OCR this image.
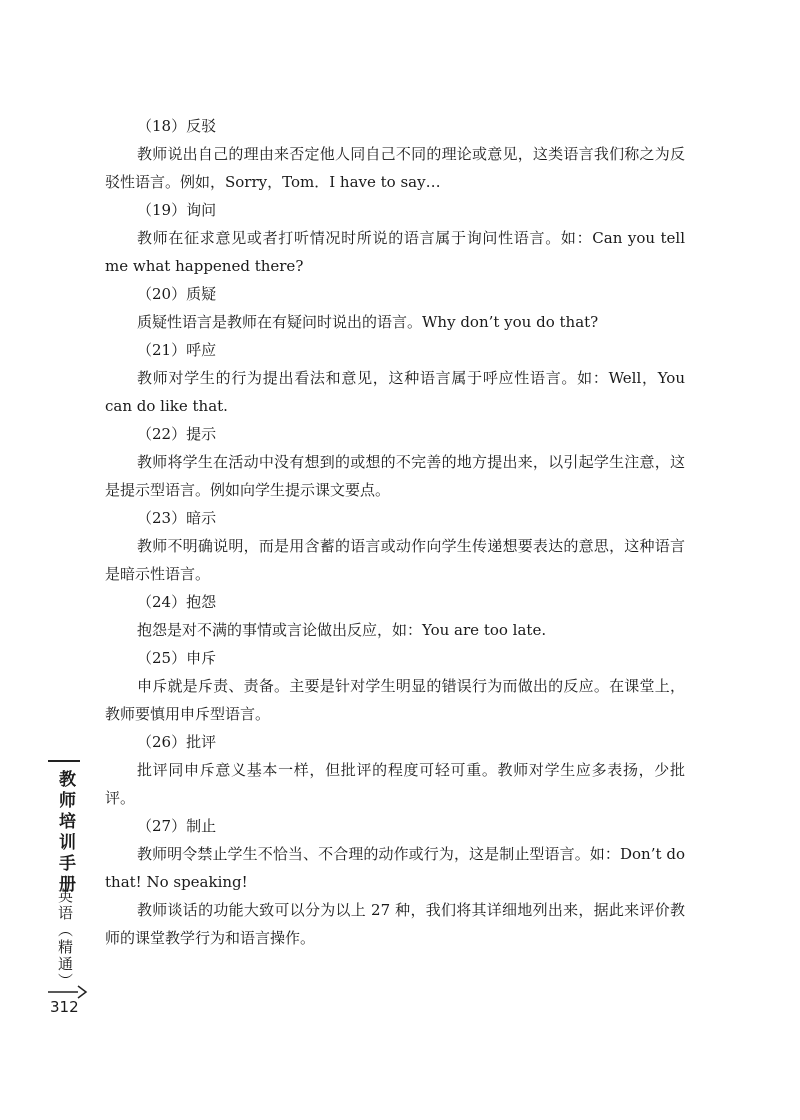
（18）反驳

教师说出自己的理由来否定他人同自己不同的理论或意见，这类语言我们称之为反驳性语言。例如，Sorry，Tom．I have to say…

（19）询问

教师在征求意见或者打听情况时所说的语言属于询问性语言。如：Can you tell me what happened there?

（20）质疑

质疑性语言是教师在有疑问时说出的语言。Why don’t you do that?

（21）呼应

教师对学生的行为提出看法和意见，这种语言属于呼应性语言。如：Well，You can do like that.

（22）提示

教师将学生在活动中没有想到的或想的不完善的地方提出来，以引起学生注意，这是提示型语言。例如向学生提示课文要点。

（23）暗示

教师不明确说明，而是用含蓄的语言或动作向学生传递想要表达的意思，这种语言是暗示性语言。

（24）抱怨

抱怨是对不满的事情或言论做出反应，如：You are too late.

（25）申斥

申斥就是斥责、责备。主要是针对学生明显的错误行为而做出的反应。在课堂上，教师要慎用申斥型语言。

（26）批评

批评同申斥意义基本一样，但批评的程度可轻可重。教师对学生应多表扬，少批评。

（27）制止

教师明令禁止学生不恰当、不合理的动作或行为，这是制止型语言。如：Don’t do that! No speaking!

教师谈话的功能大致可以分为以上 27 种，我们将其详细地列出来，据此来评价教师的课堂教学行为和语言操作。

教师培训手册
英语（精通）
312
